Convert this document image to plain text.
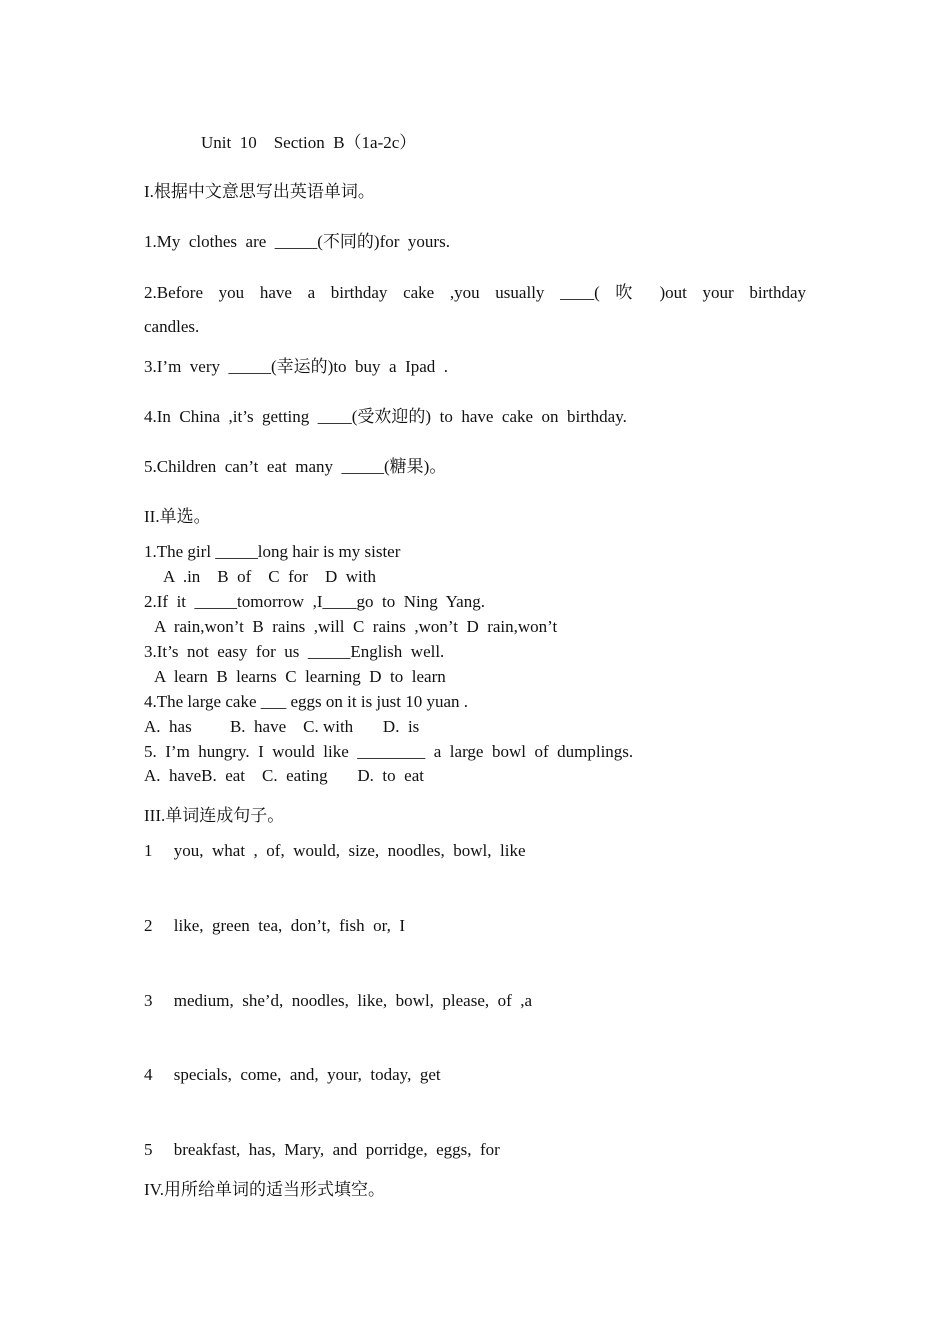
Unit  10    Section  B（1a-2c）
I.根据中文意思写出英语单词。
1.My  clothes  are  _____(不同的)for  yours.
2.Before you have a birthday cake ,you usually ____( 吹 )out your birthday
candles.
3.I’m  very  _____(幸运的)to  buy  a  Ipad  .
4.In  China  ,it’s  getting  ____(受欢迎的)  to  have  cake  on  birthday.
5.Children  can’t  eat  many  _____(糖果)。
II.单选。
1.The girl _____long hair is my sister
A  .in    B  of    C  for    D  with
2.If  it  _____tomorrow  ,I____go  to  Ning  Yang.
A  rain,won’t  B  rains  ,will  C  rains  ,won’t  D  rain,won’t
3.It’s  not  easy  for  us  _____English  well.
A  learn  B  learns  C  learning  D  to  learn
4.The large cake ___ eggs on it is just 10 yuan .
A.  has         B.  have    C. with       D.  is
5.  I’m  hungry.  I  would  like  ________  a  large  bowl  of  dumplings.
A.  haveB.  eat    C.  eating       D.  to  eat
III.单词连成句子。
1     you,  what  ,  of,  would,  size,  noodles,  bowl,  like
2     like,  green  tea,  don’t,  fish  or,  I
3     medium,  she’d,  noodles,  like,  bowl,  please,  of  ,a
4     specials,  come,  and,  your,  today,  get
5     breakfast,  has,  Mary,  and  porridge,  eggs,  for
IV.用所给单词的适当形式填空。
